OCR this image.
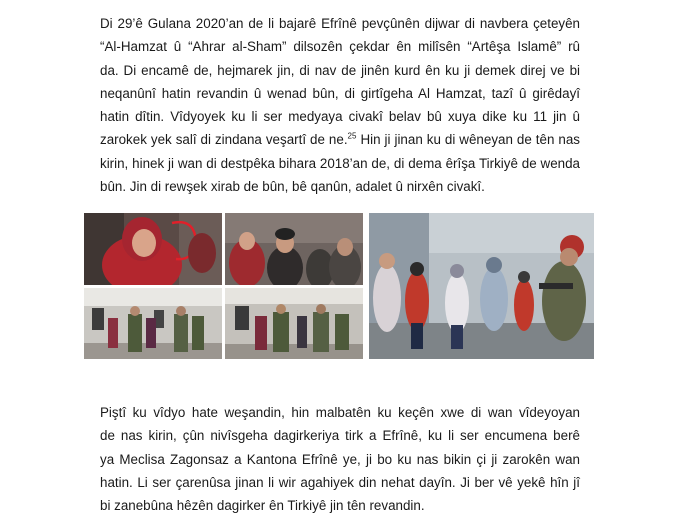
Di 29’ê Gulana 2020’an de li bajarê Efrînê pevçûnên dijwar di navbera çeteyên
“Al-Hamzat û “Ahrar al-Sham” dilsozên çekdar ên milîsên “Artêşa Islamê” rû
da. Di encamê de, hejmarek jin, di nav de jinên kurd ên ku ji demek direj ve bi
neqanûnî hatin revandin û wenad bûn, di girtîgeha Al Hamzat, tazî û girêdayî
hatin dîtin. Vîdyoyek ku li ser medyaya civakî belav bû xuya dike ku 11 jin û
zarokek yek salî di zindana veşartî de ne.$^{25}$ Hin ji jinan ku di wêneyan de tên nas
kirin, hinek ji wan di destpêka bihara 2018’an de, di dema êrîşa Tirkiyê de wenda
bûn. Jin di rewşek xirab de bûn, bê qanûn, adalet û nirxên civakî.
Piştî ku vîdyo hate weşandin, hin malbatên ku keçên xwe di wan vîdeyoyan
de nas kirin, çûn nivîsgeha dagirkeriya tirk a Efrînê, ku li ser encumena berê
ya Meclisa Zagonsaz a Kantona Efrînê ye, ji bo ku nas bikin çi ji zarokên wan
hatin. Li ser çarenûsa jinan li wir agahiyek din nehat dayîn. Ji ber vê yekê hîn jî
bi zanebûna hêzên dagirker ên Tirkiyê jin tên revandin.
